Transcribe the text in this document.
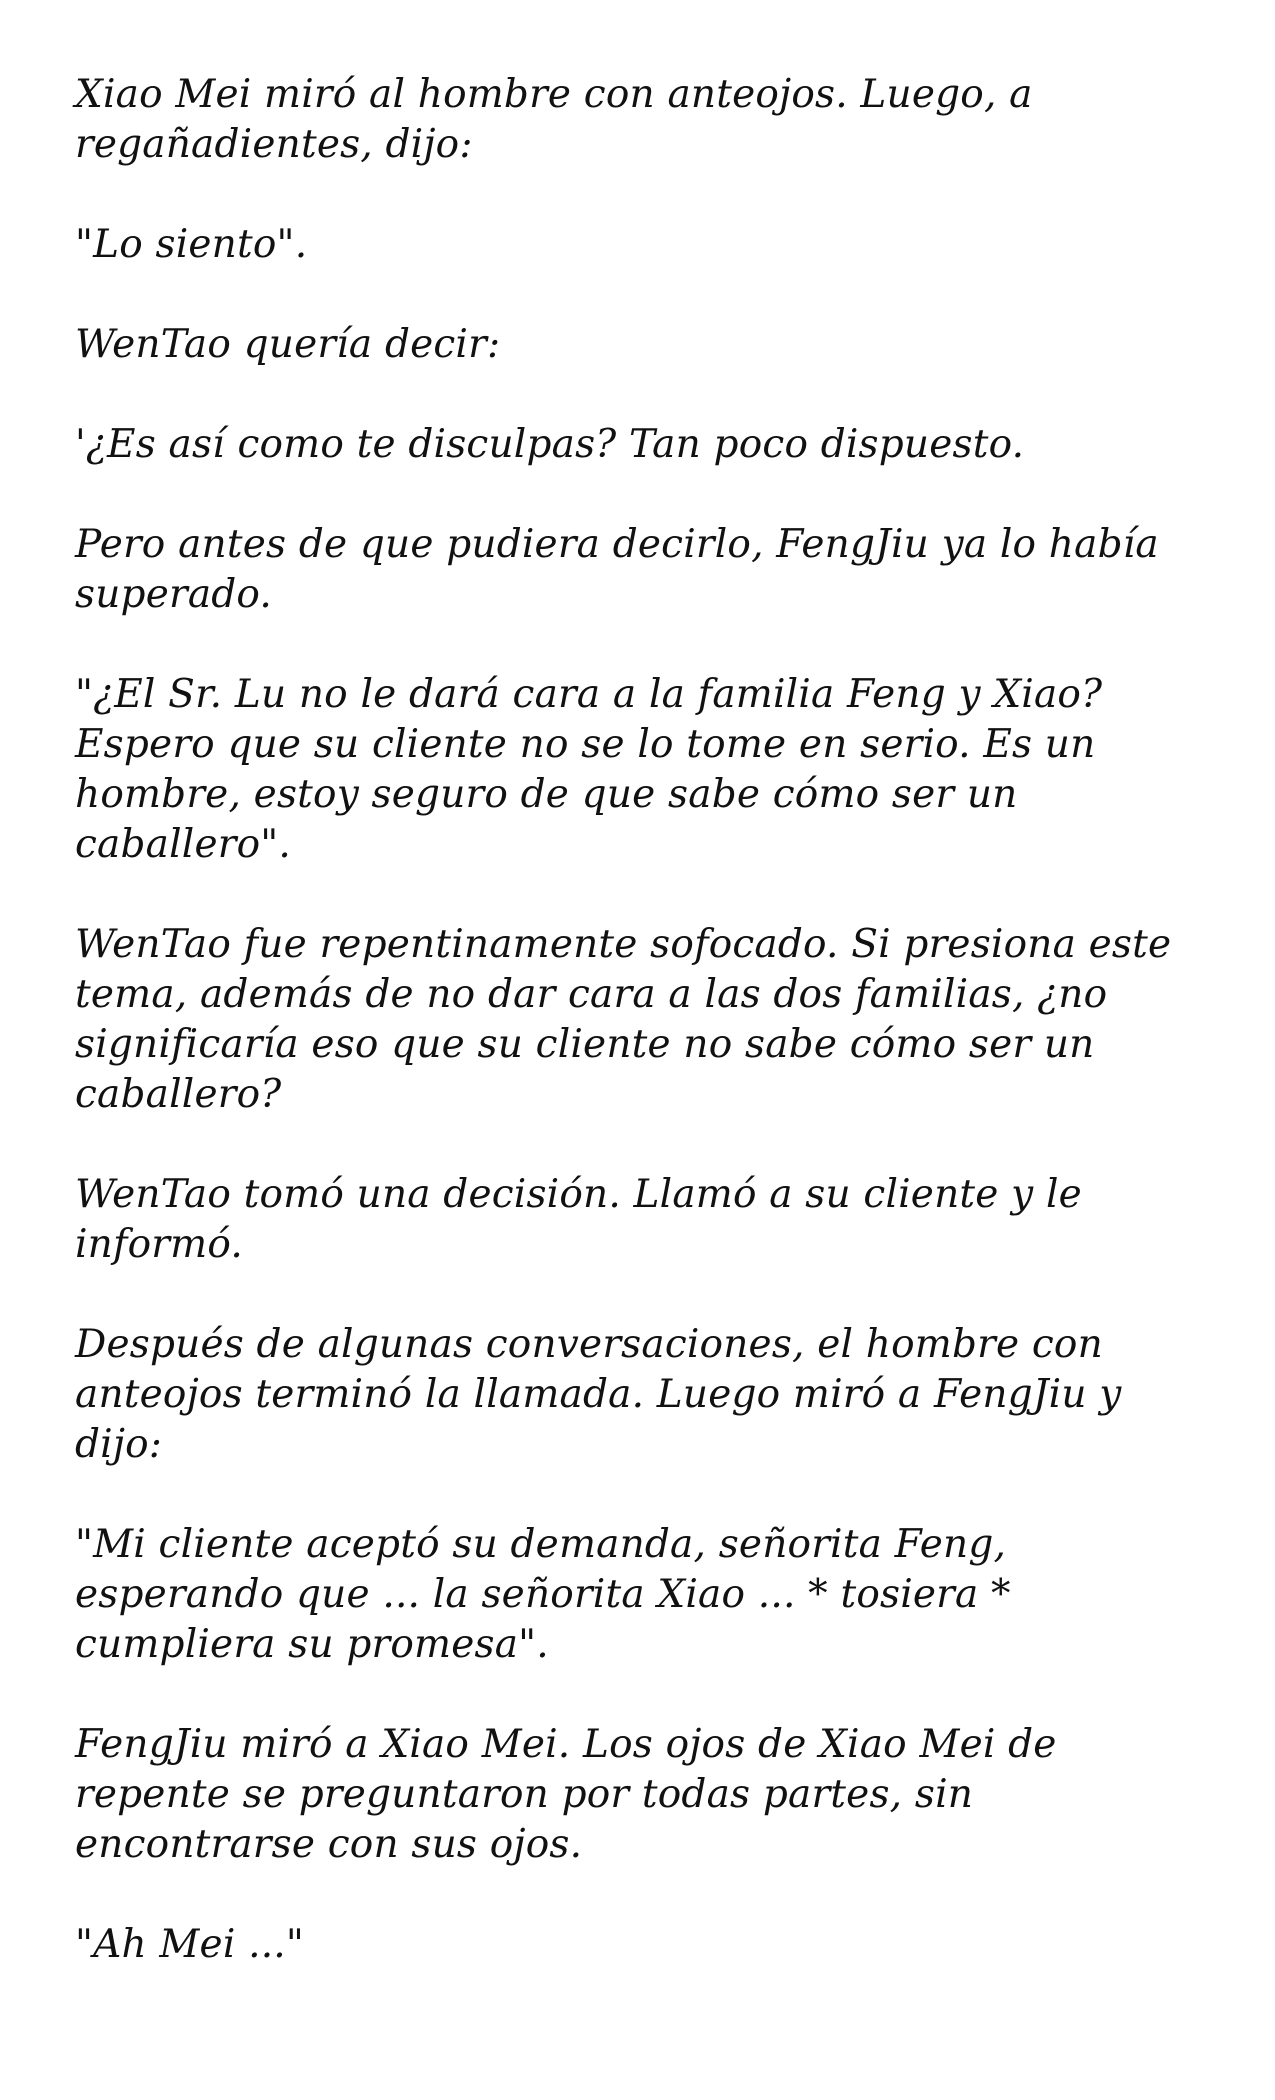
Xiao Mei miró al hombre con anteojos. Luego, a regañadientes, dijo:

"Lo siento".

WenTao quería decir:

'¿Es así como te disculpas? Tan poco dispuesto.

Pero antes de que pudiera decirlo, FengJiu ya lo había superado.

"¿El Sr. Lu no le dará cara a la familia Feng y Xiao? Espero que su cliente no se lo tome en serio. Es un hombre, estoy seguro de que sabe cómo ser un caballero".

WenTao fue repentinamente sofocado. Si presiona este tema, además de no dar cara a las dos familias, ¿no significaría eso que su cliente no sabe cómo ser un caballero?

WenTao tomó una decisión. Llamó a su cliente y le informó.

Después de algunas conversaciones, el hombre con anteojos terminó la llamada. Luego miró a FengJiu y dijo:

"Mi cliente aceptó su demanda, señorita Feng, esperando que ... la señorita Xiao ... * tosiera * cumpliera su promesa".

FengJiu miró a Xiao Mei. Los ojos de Xiao Mei de repente se preguntaron por todas partes, sin encontrarse con sus ojos.

"Ah Mei ..."
